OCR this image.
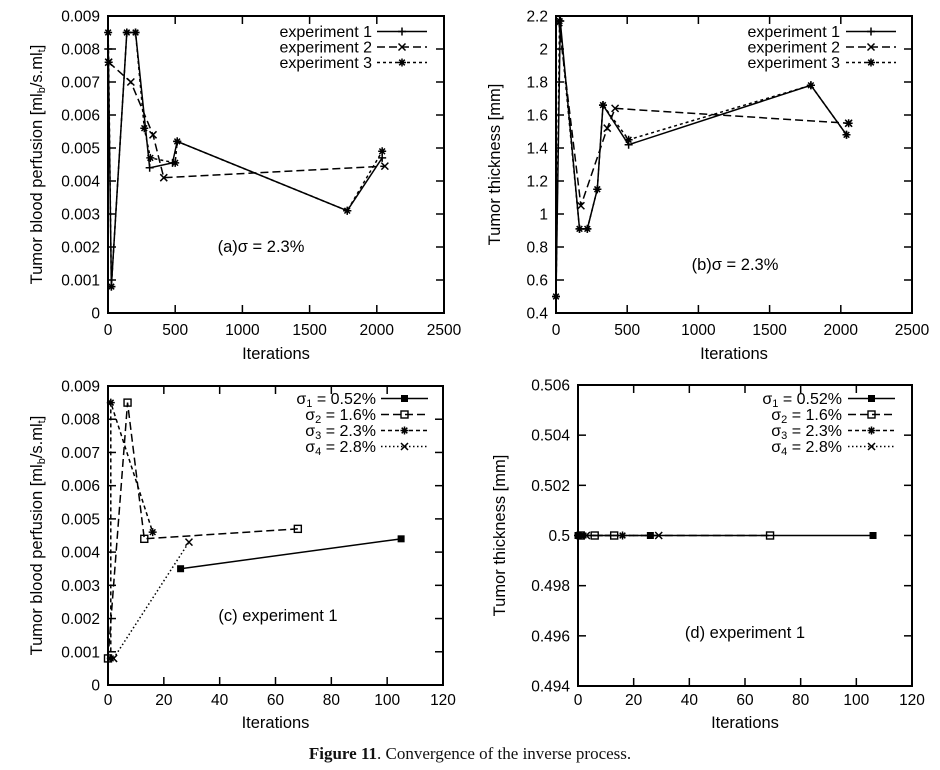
0	500 1000 1500 2000 2500
0
0.001
0.002
0.003
0.004
0.005
0.006
0.007
0.008
0.009
experiment 1
experiment 2
experiment 3
(a)σ = 2.3%
Iterations
Tumor blood perfusion [mlb/s.mlt]
0	500	1000 1500 2000 2500
0.4
0.6
0.8
1
1.2
1.4
1.6
1.8
2
2.2
experiment 1
experiment 2
experiment 3
(b)σ = 2.3%
Iterations
Tumor thickness [mm]
0	20 40 60 80 100 120
0
0.001
0.002
0.003
0.004
0.005
0.006
0.007
0.008
0.009
σ1 = 0.52%
σ2 = 1.6%
σ3 = 2.3%
σ4 = 2.8%
(c) experiment 1
Iterations
Tumor blood perfusion [mlb/s.mlt]
0	20 40 60 80 100 120
0.494
0.496
0.498
0.5
0.502
0.504
0.506
σ1 = 0.52%
σ2 = 1.6%
σ3 = 2.3%
σ4 = 2.8%
(d) experiment 1
Iterations
Tumor thickness [mm]
Figure 11. Convergence of the inverse process.
